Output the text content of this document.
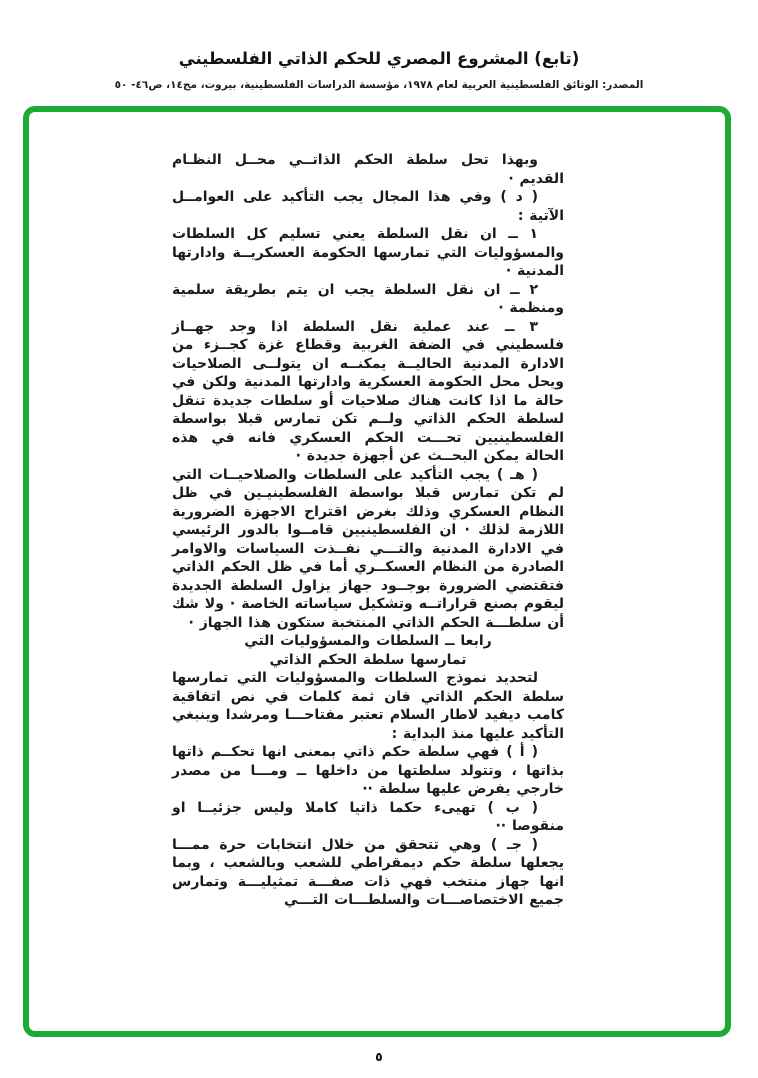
(تابع) المشروع المصري للحكم الذاتي الفلسطيني
المصدر: الوثائق الفلسطينية العربية لعام ١٩٧٨، مؤسسة الدراسات الفلسطينية، بيروت، مج١٤، ص٤٦- ٥٠

وبهذا تحل سلطة الحكم الذاتــي محــل النظـام القديم ·

( د ) وفي هذا المجال يجب التأكيد على العوامــل الآتية :

١ ــ ان نقل السلطة يعني تسليم كل السلطات والمسؤوليات التي تمارسها الحكومة العسكريــة وادارتها المدنية ·

٢ ــ ان نقل السلطة يجب ان يتم بطريقة سلمية ومنظمة ·

٣ ــ عند عملية نقل السلطة اذا وجد جهــاز فلسطيني في الضفة الغربية وقطاع غزة كجــزء من الادارة المدنية الحاليــة يمكنــه ان يتولــى الصلاحيات ويحل محل الحكومة العسكرية وادارتها المدنية ولكن في حالة ما اذا كانت هناك صلاحيات أو سلطات جديدة تنقل لسلطة الحكم الذاتي ولــم تكن تمارس قبلا بواسطة الفلسطينيين تحـــت الحكم العسكري فانه في هذه الحالة يمكن البحــث عن أجهزة جديدة ·

( هـ ) يجب التأكيد على السلطات والصلاحيــات التي لم تكن تمارس قبلا بواسطة الفلسطينيـين في ظل النظام العسكري وذلك بغرض اقتراح الاجهزة الضرورية اللازمة لذلك · ان الفلسطينيين قامــوا بالدور الرئيسي في الادارة المدنية والتـــي نفــذت السياسات والاوامر الصادرة من النظام العسكــري أما في ظل الحكم الذاتي فتقتضي الضرورة بوجــود جهاز يزاول السلطة الجديدة ليقوم بصنع قراراتــه وتشكيل سياساته الخاصة · ولا شك أن سلطـــة الحكم الذاتي المنتخبة ستكون هذا الجهاز ·

رابعا ــ السلطات والمسؤوليات التي

تمارسها سلطة الحكم الذاتي

لتحديد نموذج السلطات والمسؤوليات التي تمارسها سلطة الحكم الذاتي فان ثمة كلمات في نص اتفاقية كامب ديفيد لاطار السلام تعتبر مفتاحـــا ومرشدا وينبغي التأكيد عليها منذ البداية :

( أ ) فهي سلطة حكم ذاتي بمعنى انها تحكــم ذاتها بذاتها ، وتتولد سلطتها من داخلها ــ ومـــا من مصدر خارجي يفرض عليها سلطة ··

( ب ) تهيىء حكما ذاتيا كاملا وليس جزئيــا او منقوصا ··

( جـ ) وهي تتحقق من خلال انتخابات حرة ممـــا يجعلها سلطة حكم ديمقراطي للشعب وبالشعب ، وبما انها جهاز منتخب فهي ذات صفـــة تمثيليـــة وتمارس جميع الاختصاصـــات والسلطـــات التـــي

٥
